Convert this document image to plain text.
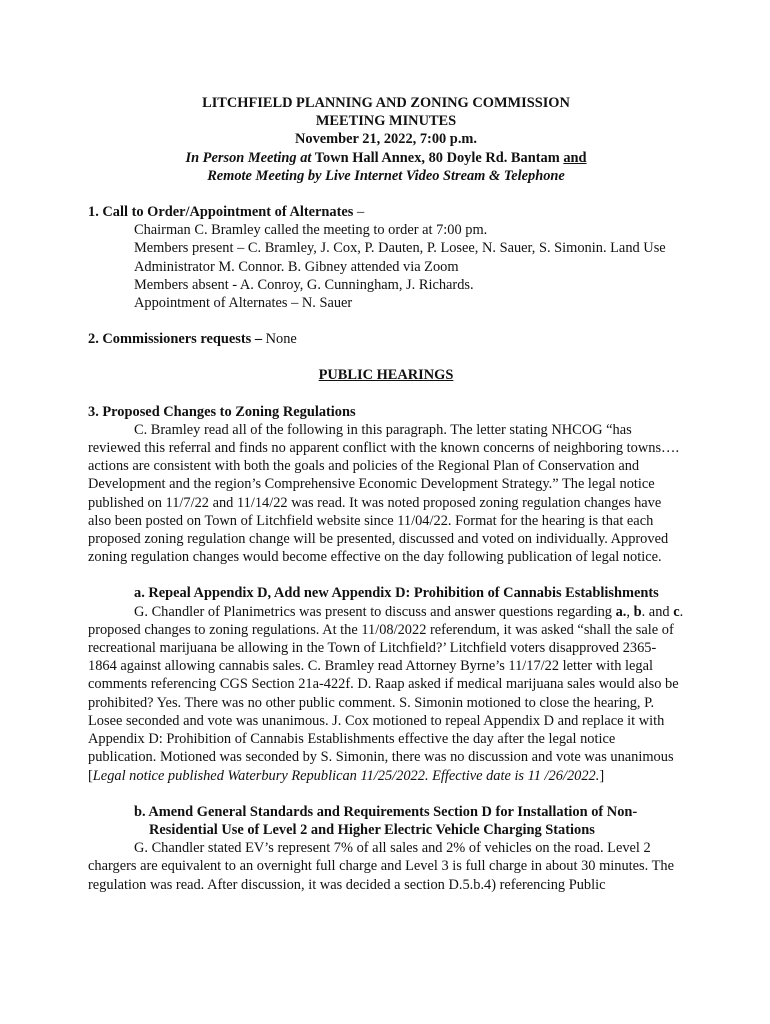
LITCHFIELD PLANNING AND ZONING COMMISSION
MEETING MINUTES
November 21, 2022, 7:00 p.m.
In Person Meeting at Town Hall Annex, 80 Doyle Rd. Bantam and
Remote Meeting by Live Internet Video Stream & Telephone
1. Call to Order/Appointment of Alternates –
Chairman C. Bramley called the meeting to order at 7:00 pm.
Members present – C. Bramley, J. Cox, P. Dauten, P. Losee, N. Sauer, S. Simonin. Land Use Administrator M. Connor. B. Gibney attended via Zoom
Members absent - A. Conroy, G. Cunningham, J. Richards.
Appointment of Alternates – N. Sauer
2. Commissioners requests – None
PUBLIC HEARINGS
3. Proposed Changes to Zoning Regulations

C. Bramley read all of the following in this paragraph. The letter stating NHCOG “has reviewed this referral and finds no apparent conflict with the known concerns of neighboring towns…. actions are consistent with both the goals and policies of the Regional Plan of Conservation and Development and the region’s Comprehensive Economic Development Strategy.” The legal notice published on 11/7/22 and 11/14/22 was read. It was noted proposed zoning regulation changes have also been posted on Town of Litchfield website since 11/04/22. Format for the hearing is that each proposed zoning regulation change will be presented, discussed and voted on individually. Approved zoning regulation changes would become effective on the day following publication of legal notice.

a. Repeal Appendix D, Add new Appendix D: Prohibition of Cannabis Establishments

G. Chandler of Planimetrics was present to discuss and answer questions regarding a., b. and c. proposed changes to zoning regulations. At the 11/08/2022 referendum, it was asked “shall the sale of recreational marijuana be allowing in the Town of Litchfield?’ Litchfield voters disapproved 2365-1864 against allowing cannabis sales. C. Bramley read Attorney Byrne’s 11/17/22 letter with legal comments referencing CGS Section 21a-422f. D. Raap asked if medical marijuana sales would also be prohibited? Yes. There was no other public comment. S. Simonin motioned to close the hearing, P. Losee seconded and vote was unanimous. J. Cox motioned to repeal Appendix D and replace it with Appendix D: Prohibition of Cannabis Establishments effective the day after the legal notice publication. Motioned was seconded by S. Simonin, there was no discussion and vote was unanimous [Legal notice published Waterbury Republican 11/25/2022. Effective date is 11 /26/2022.]

b. Amend General Standards and Requirements Section D for Installation of Non-Residential Use of Level 2 and Higher Electric Vehicle Charging Stations

G. Chandler stated EV’s represent 7% of all sales and 2% of vehicles on the road. Level 2 chargers are equivalent to an overnight full charge and Level 3 is full charge in about 30 minutes. The regulation was read. After discussion, it was decided a section D.5.b.4) referencing Public
